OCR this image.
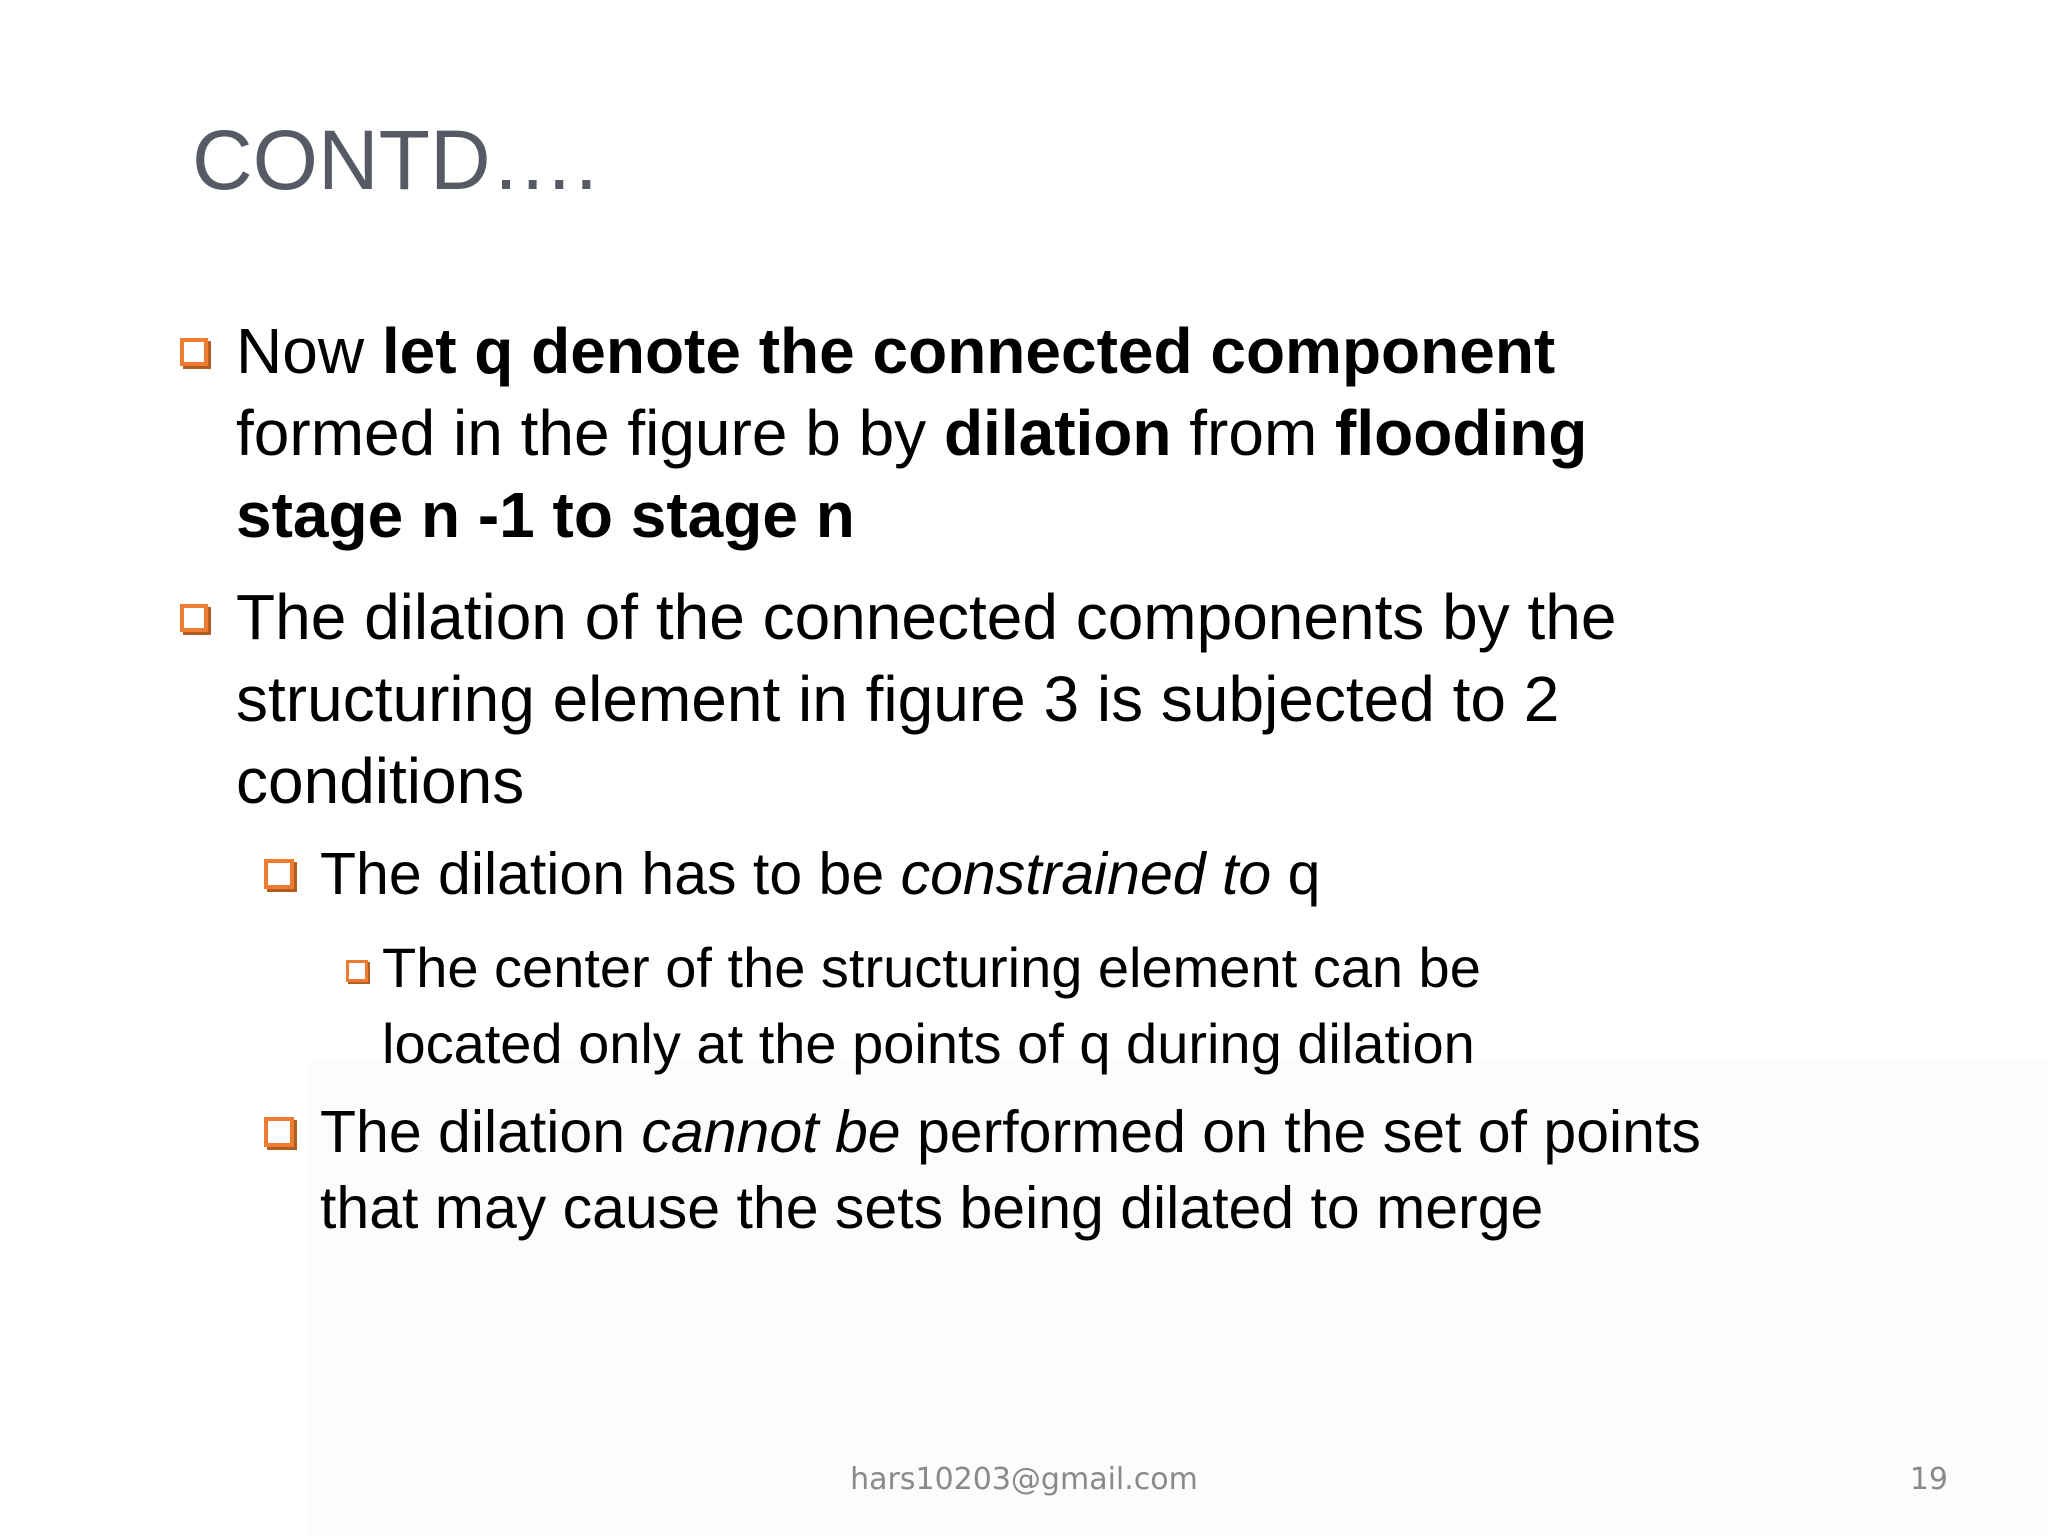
CONTD….
Now let q denote the connected component
formed in the figure b by dilation from flooding
stage n -1 to stage n
The dilation of the connected components by the
structuring element in figure 3 is subjected to 2
conditions
The dilation has to be constrained to q
The center of the structuring element can be
located only at the points of q during dilation
The dilation cannot be performed on the set of points
that may cause the sets being dilated to merge
hars10203@gmail.com	19
